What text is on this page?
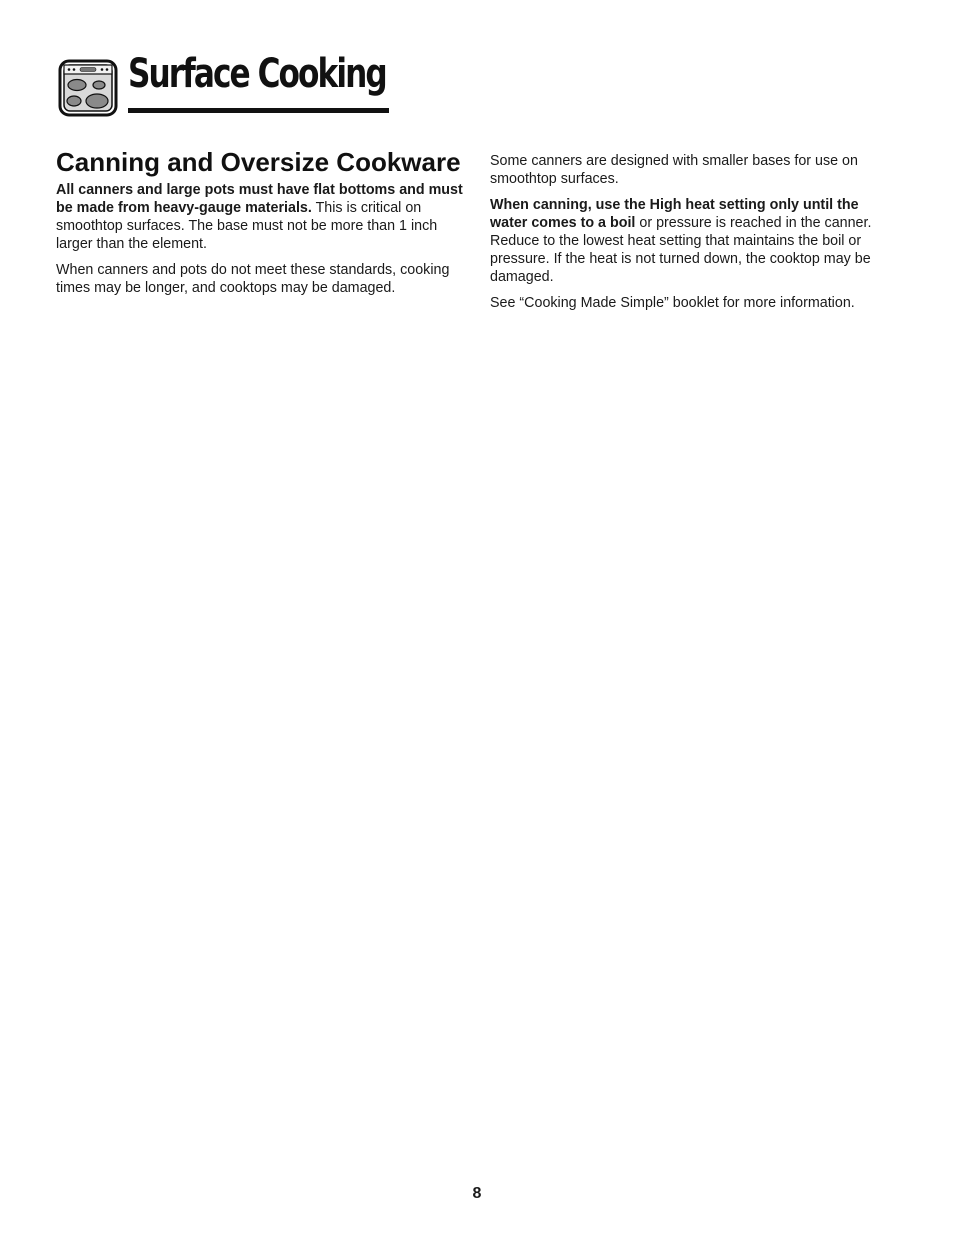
Surface Cooking
Canning and Oversize Cookware

All canners and large pots must have flat bottoms and must be made from heavy-gauge materials. This is critical on smoothtop surfaces. The base must not be more than 1 inch larger than the element.

When canners and pots do not meet these standards, cooking times may be longer, and cooktops may be damaged.

Some canners are designed with smaller bases for use on smoothtop surfaces.

When canning, use the High heat setting only until the water comes to a boil or pressure is reached in the canner. Reduce to the lowest heat setting that maintains the boil or pressure. If the heat is not turned down, the cooktop may be damaged.

See “Cooking Made Simple” booklet for more information.

8
